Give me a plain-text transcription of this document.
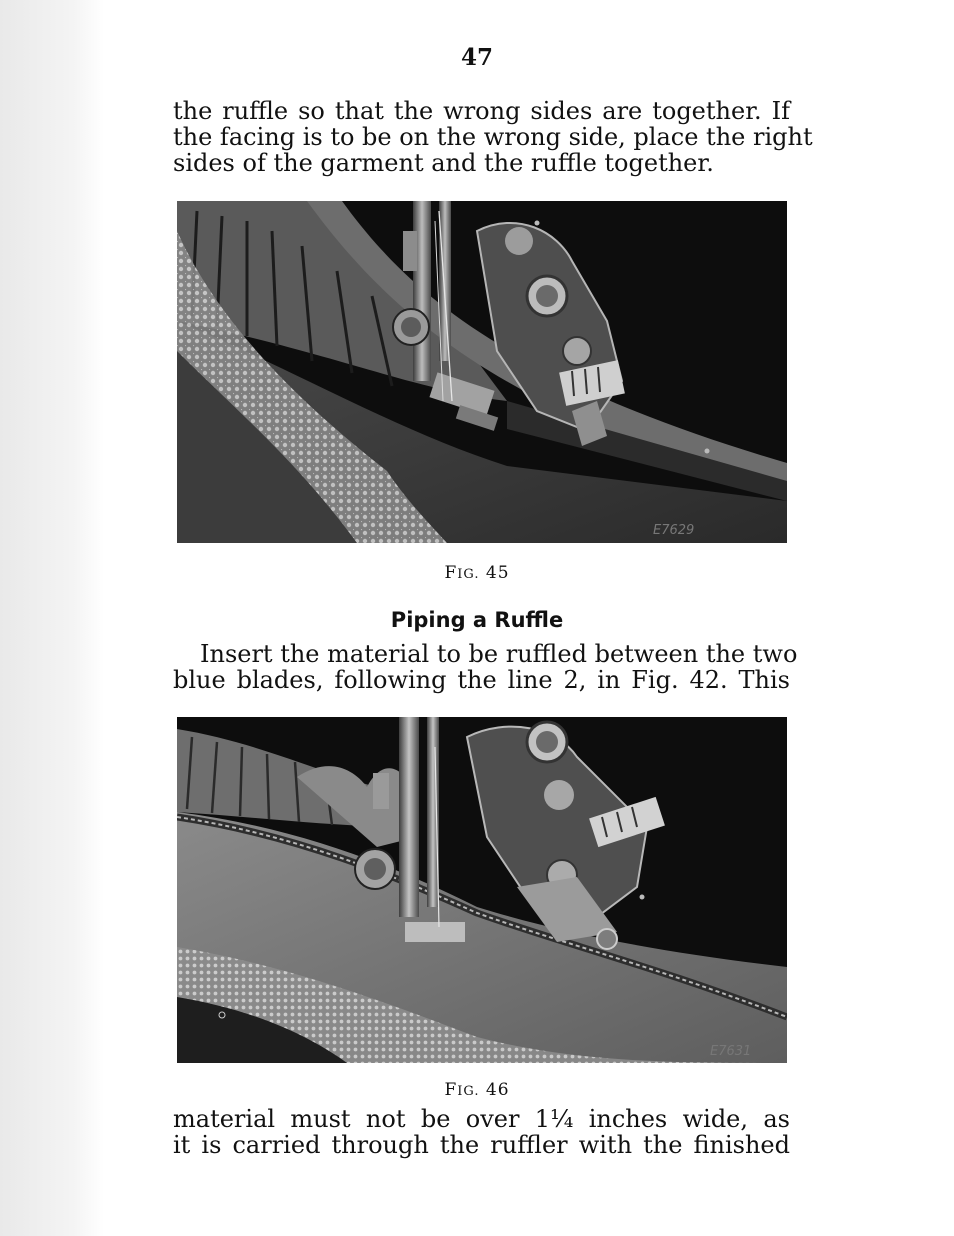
47
the ruffle so that the wrong sides are together. If
the facing is to be on the wrong side, place the right
sides of the garment and the ruffle together.
E7629
FIG. 45
Piping a Ruffle
Insert the material to be ruffled between the two
blue blades, following the line 2, in Fig. 42. This
E7631
FIG. 46
material must not be over 1¼ inches wide, as
it is carried through the ruffler with the finished
